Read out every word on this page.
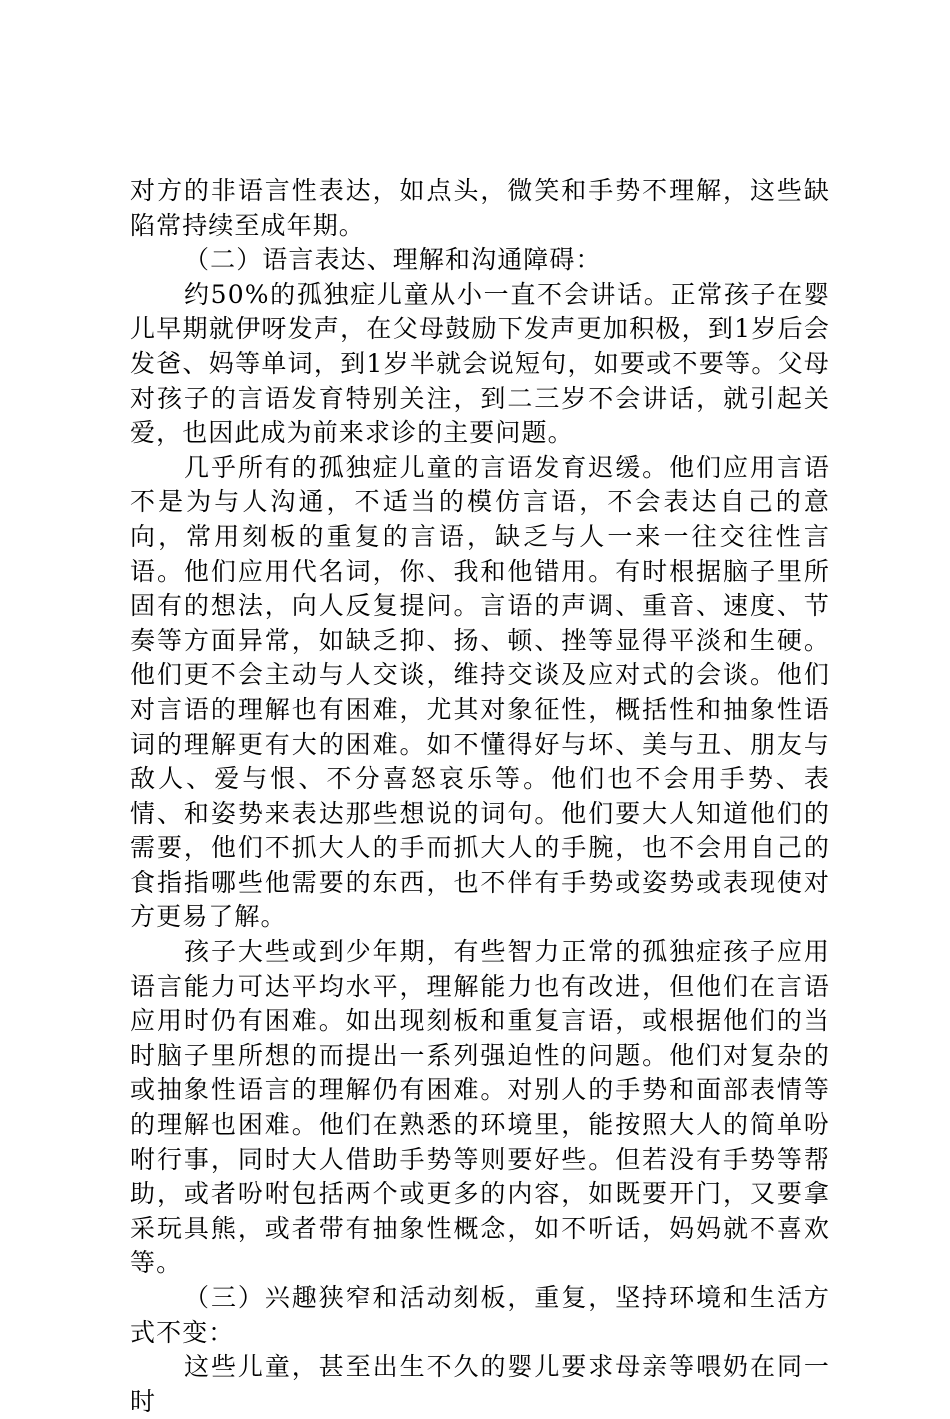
对方的非语言性表达，如点头，微笑和手势不理解，这些缺陷常持续至成年期。

（二）语言表达、理解和沟通障碍：

约50%的孤独症儿童从小一直不会讲话。正常孩子在婴儿早期就伊呀发声，在父母鼓励下发声更加积极，到1岁后会发爸、妈等单词，到1岁半就会说短句，如要或不要等。父母对孩子的言语发育特别关注，到二三岁不会讲话，就引起关爱，也因此成为前来求诊的主要问题。

几乎所有的孤独症儿童的言语发育迟缓。他们应用言语不是为与人沟通，不适当的模仿言语，不会表达自己的意向，常用刻板的重复的言语，缺乏与人一来一往交往性言语。他们应用代名词，你、我和他错用。有时根据脑子里所固有的想法，向人反复提问。言语的声调、重音、速度、节奏等方面异常，如缺乏抑、扬、顿、挫等显得平淡和生硬。他们更不会主动与人交谈，维持交谈及应对式的会谈。他们对言语的理解也有困难，尤其对象征性，概括性和抽象性语词的理解更有大的困难。如不懂得好与坏、美与丑、朋友与敌人、爱与恨、不分喜怒哀乐等。他们也不会用手势、表情、和姿势来表达那些想说的词句。他们要大人知道他们的需要，他们不抓大人的手而抓大人的手腕，也不会用自己的食指指哪些他需要的东西，也不伴有手势或姿势或表现使对方更易了解。

孩子大些或到少年期，有些智力正常的孤独症孩子应用语言能力可达平均水平，理解能力也有改进，但他们在言语应用时仍有困难。如出现刻板和重复言语，或根据他们的当时脑子里所想的而提出一系列强迫性的问题。他们对复杂的或抽象性语言的理解仍有困难。对别人的手势和面部表情等的理解也困难。他们在熟悉的环境里，能按照大人的简单吩咐行事，同时大人借助手势等则要好些。但若没有手势等帮助，或者吩咐包括两个或更多的内容，如既要开门，又要拿采玩具熊，或者带有抽象性概念，如不听话，妈妈就不喜欢等。

（三）兴趣狭窄和活动刻板，重复，坚持环境和生活方式不变：

这些儿童，甚至出生不久的婴儿要求母亲等喂奶在同一时
